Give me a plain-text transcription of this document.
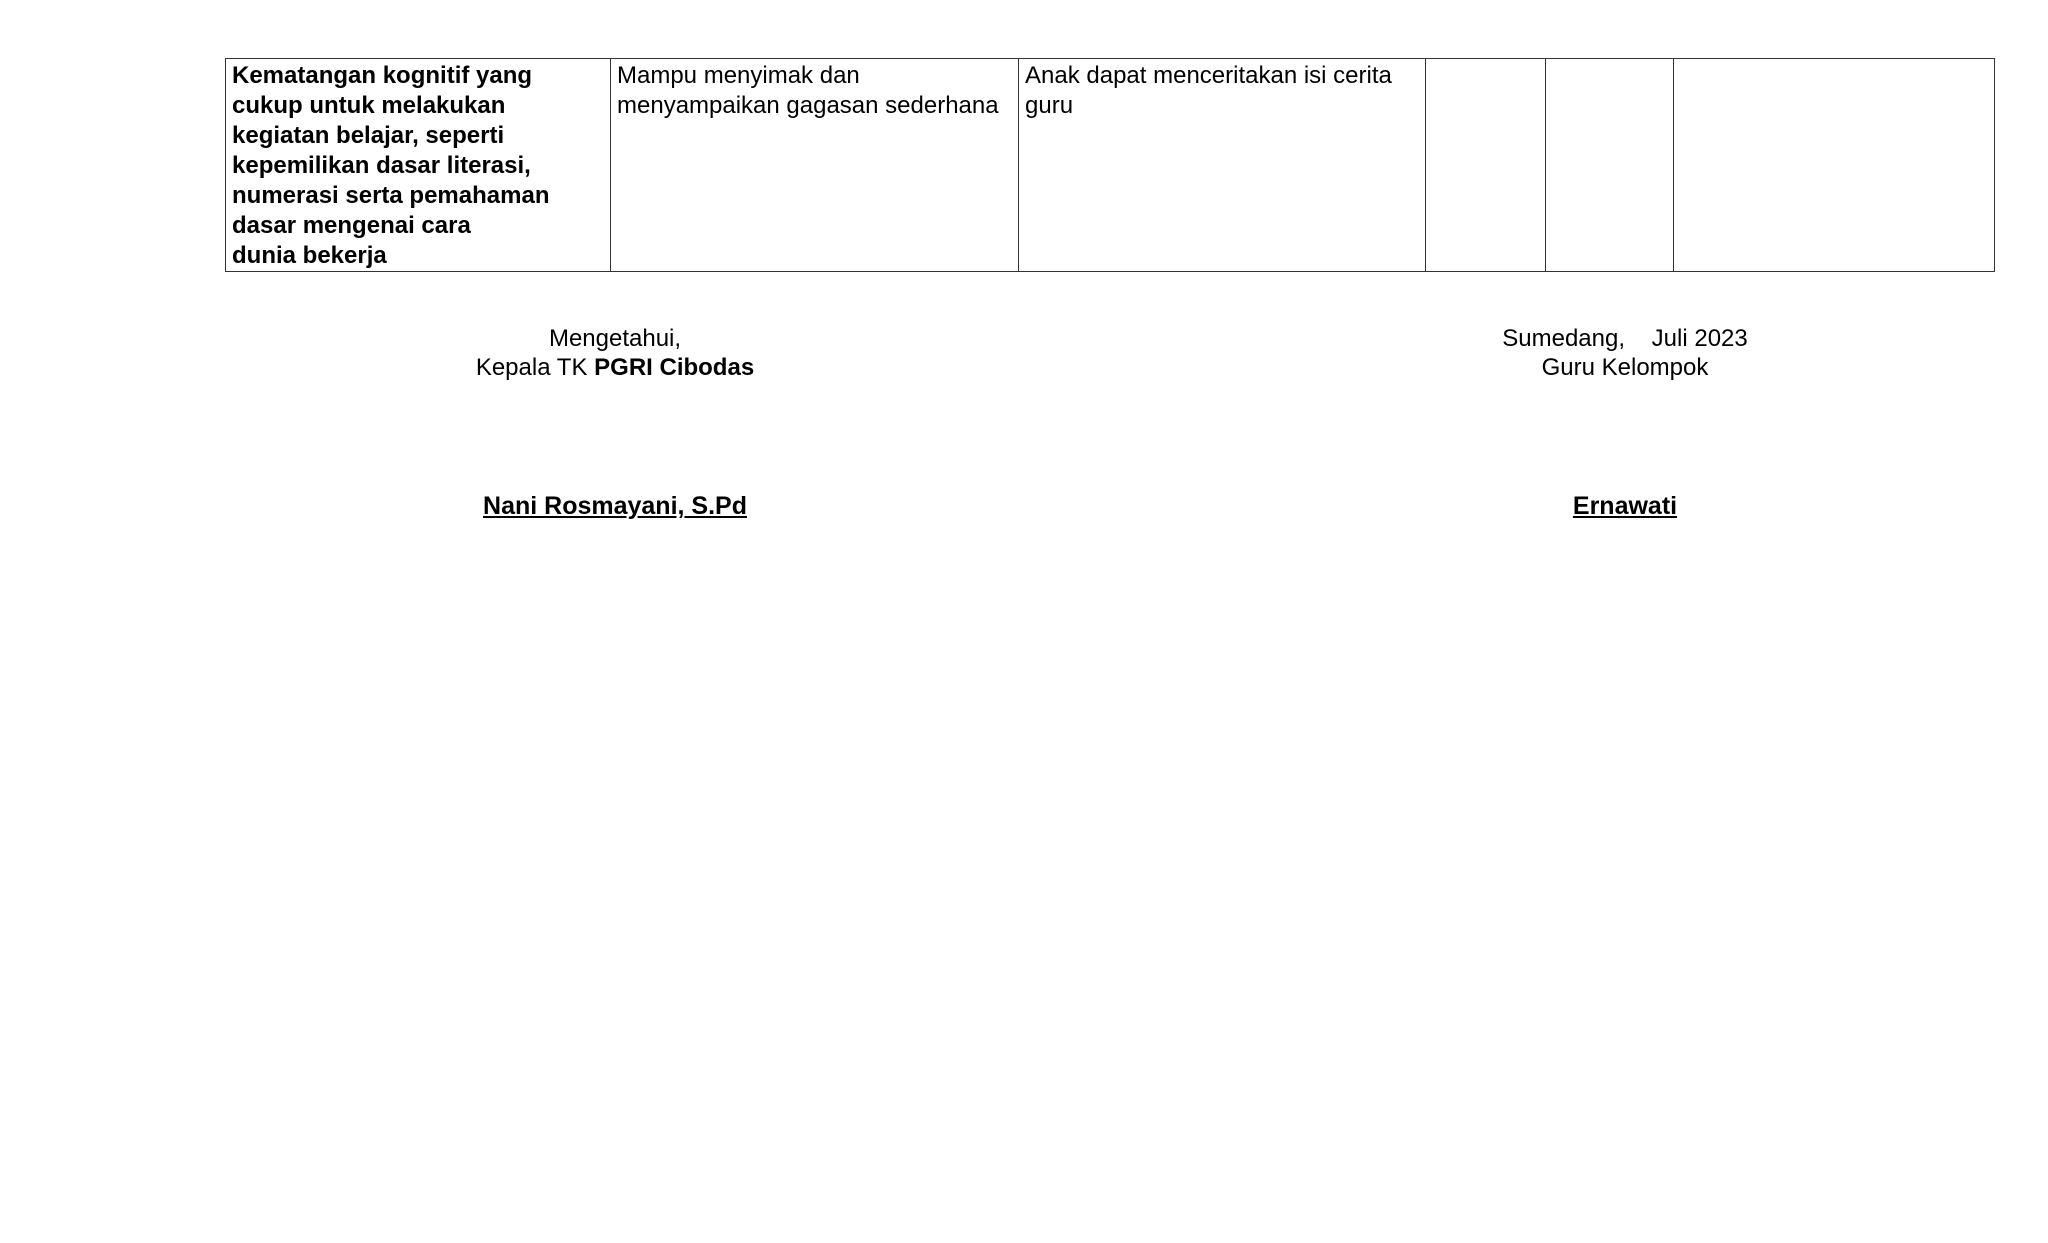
Kematangan kognitif yang
cukup untuk melakukan
kegiatan belajar, seperti
kepemilikan dasar literasi,
numerasi serta pemahaman
dasar mengenai cara
dunia bekerja

Mampu menyimak dan
menyampaikan gagasan sederhana

Anak dapat menceritakan isi cerita
guru

Mengetahui,
Kepala TK PGRI Cibodas
Sumedang,    Juli 2023
Guru Kelompok
Nani Rosmayani, S.Pd	Ernawati
